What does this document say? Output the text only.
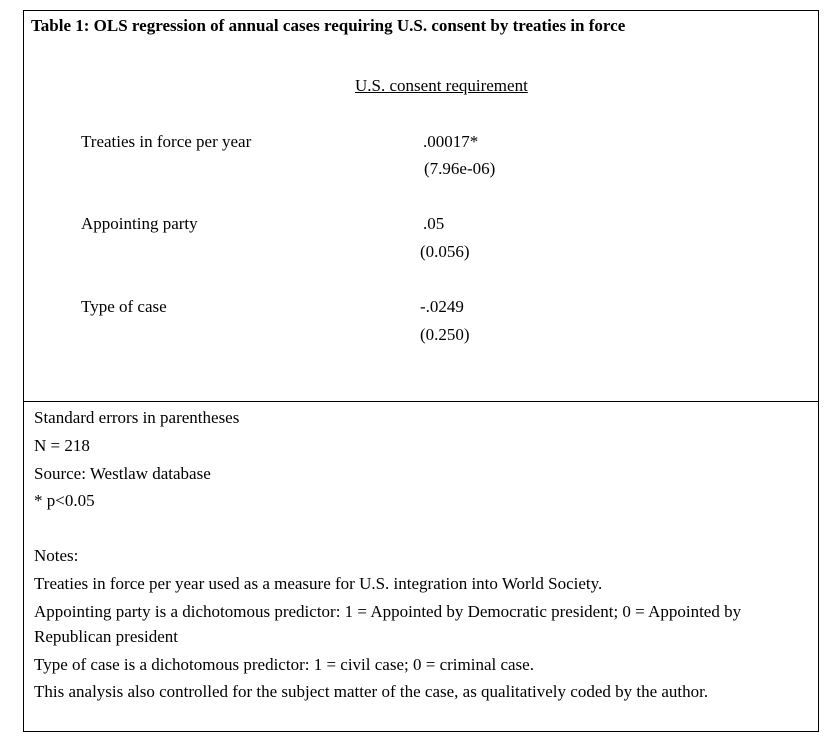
Table 1: OLS regression of annual cases requiring U.S. consent by treaties in force
U.S. consent requirement
Treaties in force per year	.00017*
(7.96e-06)
Appointing party	.05
(0.056)
Type of case	-.0249
(0.250)
Standard errors in parentheses
N = 218
Source: Westlaw database
* p<0.05
Notes:
Treaties in force per year used as a measure for U.S. integration into World Society.
Appointing party is a dichotomous predictor: 1 = Appointed by Democratic president; 0 = Appointed by
Republican president
Type of case is a dichotomous predictor: 1 = civil case; 0 = criminal case.
This analysis also controlled for the subject matter of the case, as qualitatively coded by the author.
